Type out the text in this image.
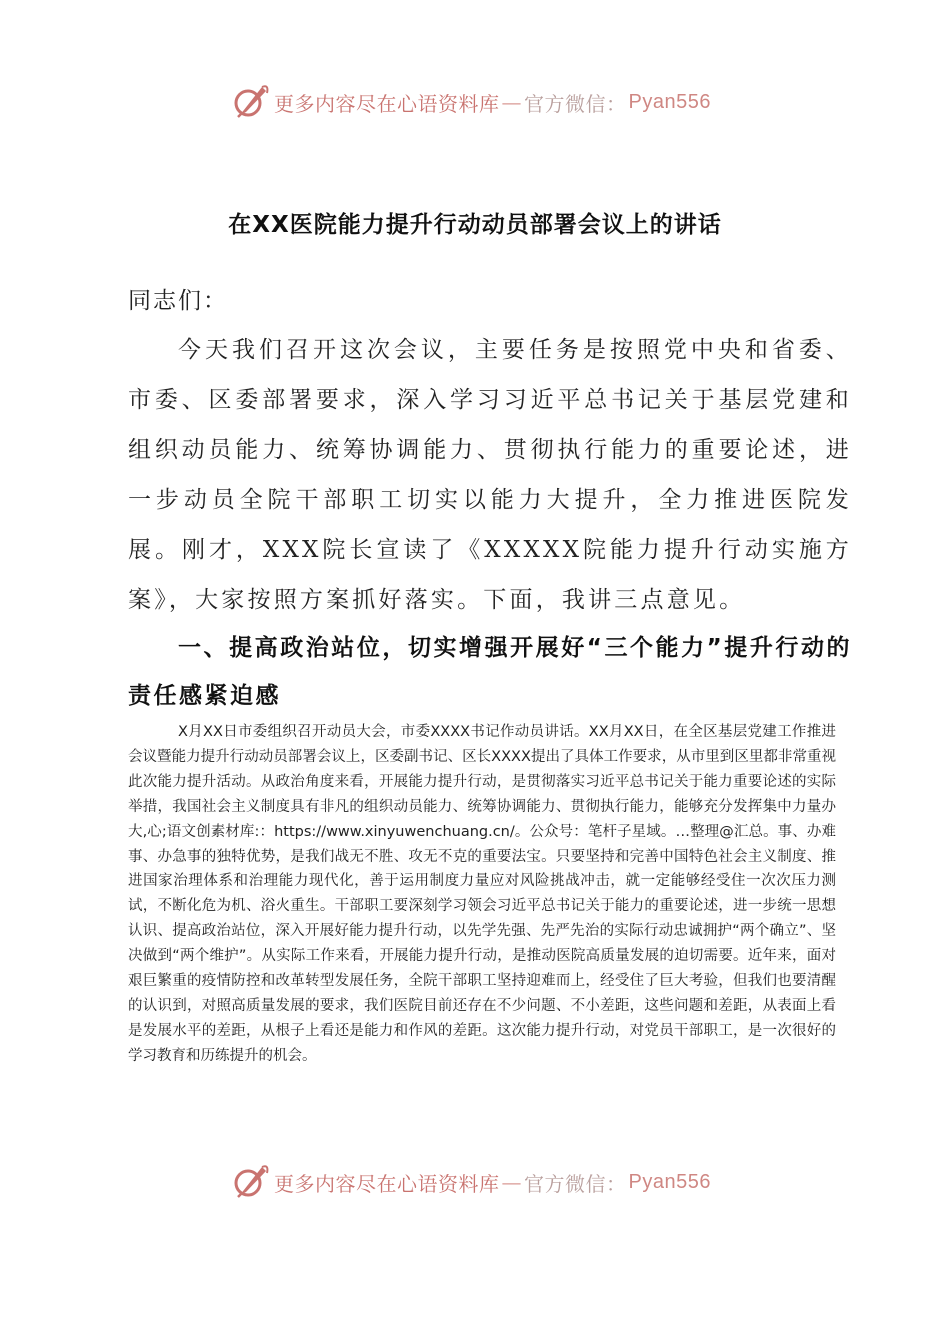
更多内容尽在心语资料库 — 官方微信： Pyan556
在XX医院能力提升行动动员部署会议上的讲话
同志们：

今天我们召开这次会议，主要任务是按照党中央和省委、市委、区委部署要求，深入学习习近平总书记关于基层党建和组织动员能力、统筹协调能力、贯彻执行能力的重要论述，进一步动员全院干部职工切实以能力大提升，全力推进医院发展。刚才，XXX院长宣读了《XXXXX院能力提升行动实施方案》，大家按照方案抓好落实。下面，我讲三点意见。

一、提高政治站位，切实增强开展好“三个能力”提升行动的责任感紧迫感

X月XX日市委组织召开动员大会，市委XXXX书记作动员讲话。XX月XX日，在全区基层党建工作推进会议暨能力提升行动动员部署会议上，区委副书记、区长XXXX提出了具体工作要求，从市里到区里都非常重视此次能力提升活动。从政治角度来看，开展能力提升行动，是贯彻落实习近平总书记关于能力重要论述的实际举措，我国社会主义制度具有非凡的组织动员能力、统筹协调能力、贯彻执行能力，能够充分发挥集中力量办大,心;语文创素材库:：https://www.xinyuwenchuang.cn/。公众号：笔杆子星域。…整理@汇总。事、办难事、办急事的独特优势，是我们战无不胜、攻无不克的重要法宝。只要坚持和完善中国特色社会主义制度、推进国家治理体系和治理能力现代化，善于运用制度力量应对风险挑战冲击，就一定能够经受住一次次压力测试，不断化危为机、浴火重生。干部职工要深刻学习领会习近平总书记关于能力的重要论述，进一步统一思想认识、提高政治站位，深入开展好能力提升行动，以先学先强、先严先治的实际行动忠诚拥护“两个确立”、坚决做到“两个维护”。从实际工作来看，开展能力提升行动，是推动医院高质量发展的迫切需要。近年来，面对艰巨繁重的疫情防控和改革转型发展任务，全院干部职工坚持迎难而上，经受住了巨大考验，但我们也要清醒的认识到，对照高质量发展的要求，我们医院目前还存在不少问题、不小差距，这些问题和差距，从表面上看是发展水平的差距，从根子上看还是能力和作风的差距。这次能力提升行动，对党员干部职工，是一次很好的学习教育和历练提升的机会。

更多内容尽在心语资料库 — 官方微信： Pyan556
